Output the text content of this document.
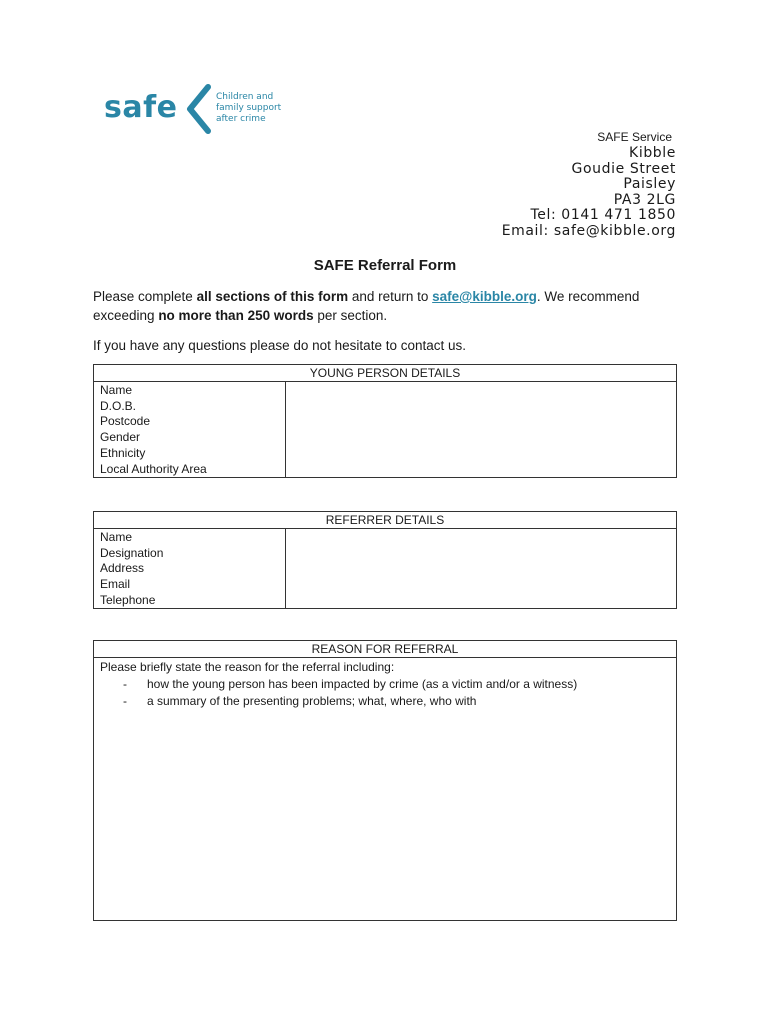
safe	Children and
family support
after crime
SAFE Service
Kibble
Goudie Street
Paisley
PA3 2LG
Tel: 0141 471 1850
Email: safe@kibble.org
SAFE Referral Form
Please complete all sections of this form and return to safe@kibble.org. We recommend exceeding no more than 250 words per section.
If you have any questions please do not hesitate to contact us.
YOUNG PERSON DETAILS	
Name	
D.O.B.	
Postcode	
Gender	
Ethnicity	
Local Authority Area	
REFERRER DETAILS	
Name	
Designation	
Address	
Email	
Telephone	
REASON FOR REFERRAL
Please briefly state the reason for the referral including:
- how the young person has been impacted by crime (as a victim and/or a witness)
- a summary of the presenting problems; what, where, who with
